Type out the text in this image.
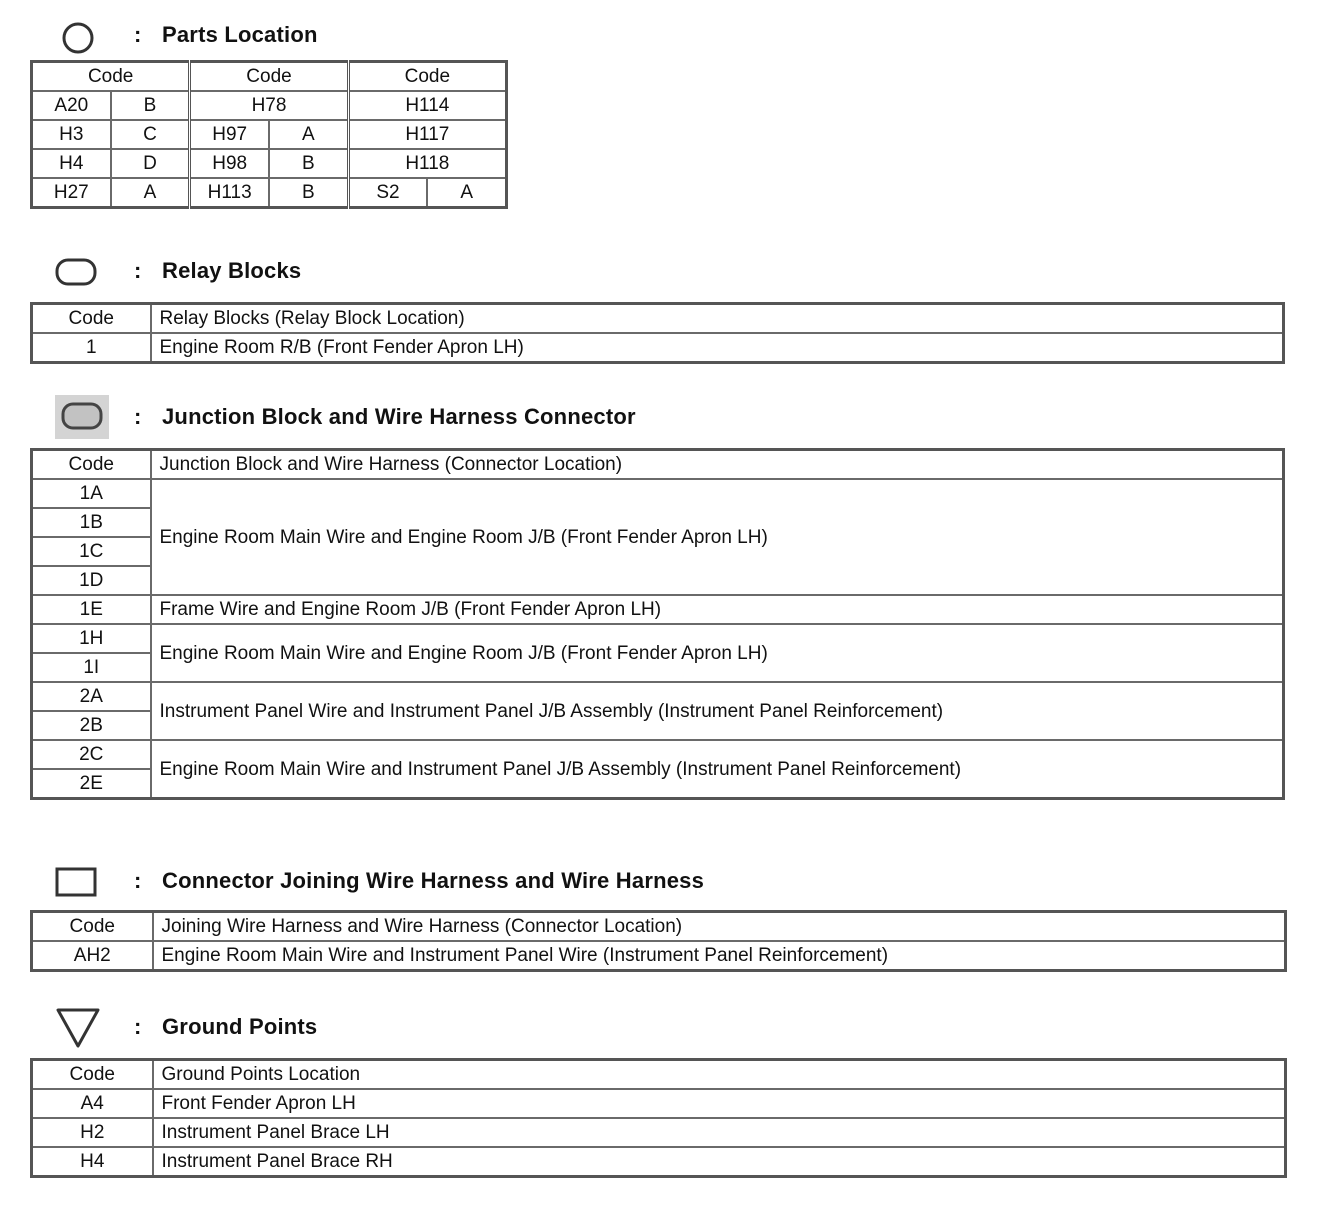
: Parts Location
Code		Code		Code	
A20	B	H78		H114	
H3	C	H97	A	H117	
H4	D	H98	B	H118	
H27	A	H113	B	S2	A
: Relay Blocks
Code	Relay Blocks (Relay Block Location)
1	Engine Room R/B (Front Fender Apron LH)
: Junction Block and Wire Harness Connector
Code	Junction Block and Wire Harness (Connector Location)
1A	Engine Room Main Wire and Engine Room J/B (Front Fender Apron LH)
1B	
1C	
1D	
1E	Frame Wire and Engine Room J/B (Front Fender Apron LH)
1H	Engine Room Main Wire and Engine Room J/B (Front Fender Apron LH)
1I	
2A	Instrument Panel Wire and Instrument Panel J/B Assembly (Instrument Panel Reinforcement)
2B	
2C	Engine Room Main Wire and Instrument Panel J/B Assembly (Instrument Panel Reinforcement)
2E	
: Connector Joining Wire Harness and Wire Harness
Code	Joining Wire Harness and Wire Harness (Connector Location)
AH2	Engine Room Main Wire and Instrument Panel Wire (Instrument Panel Reinforcement)
: Ground Points
Code	Ground Points Location
A4	Front Fender Apron LH
H2	Instrument Panel Brace LH
H4	Instrument Panel Brace RH
